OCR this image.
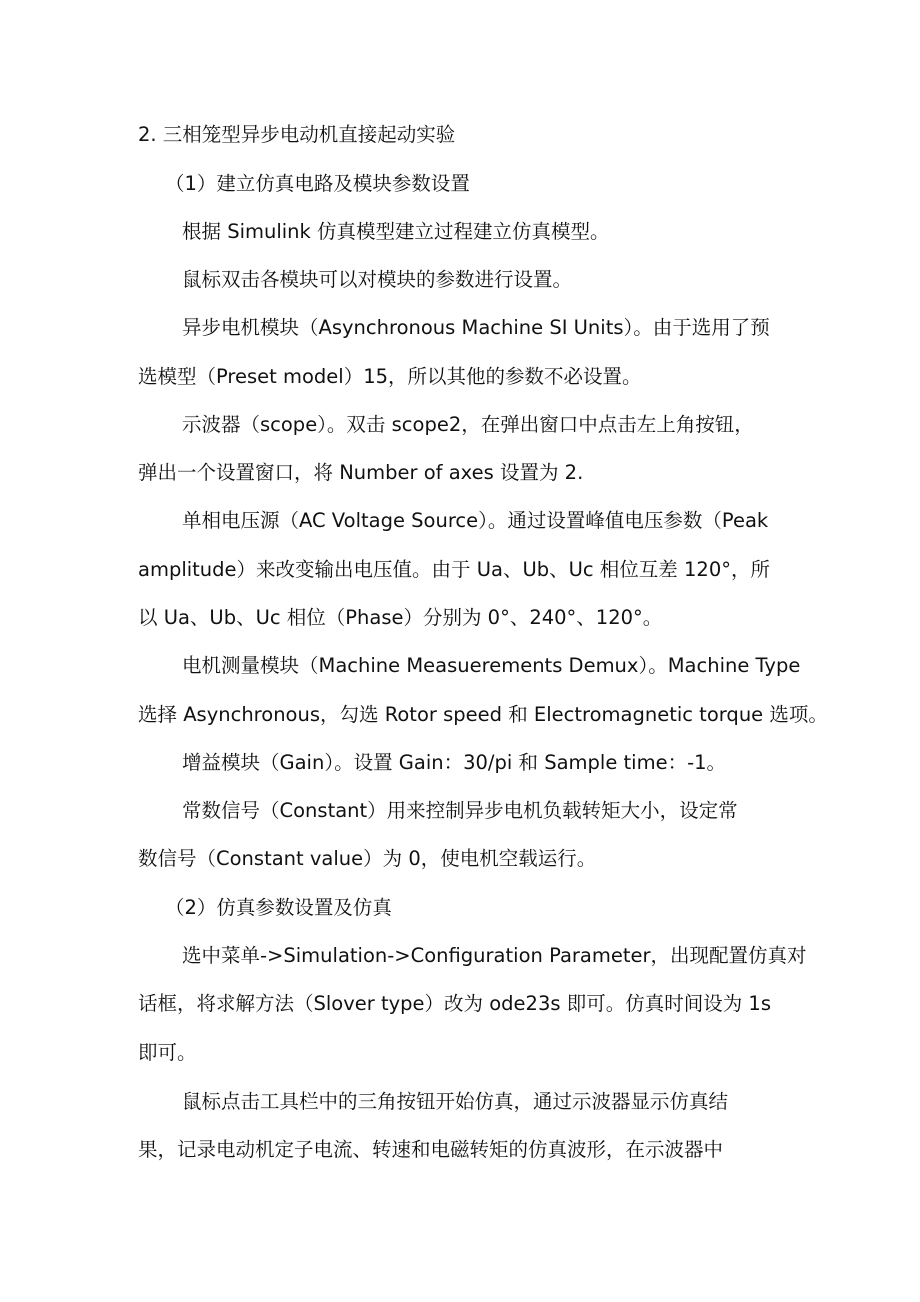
2. 三相笼型异步电动机直接起动实验
（1）建立仿真电路及模块参数设置
根据 Simulink 仿真模型建立过程建立仿真模型。
鼠标双击各模块可以对模块的参数进行设置。
异步电机模块（Asynchronous Machine SI Units）。由于选用了预
选模型（Preset model）15，所以其他的参数不必设置。
示波器（scope）。双击 scope2，在弹出窗口中点击左上角按钮，
弹出一个设置窗口，将 Number of axes 设置为 2.
单相电压源（AC Voltage Source）。通过设置峰值电压参数（Peak
amplitude）来改变输出电压值。由于 Ua、Ub、Uc 相位互差 120°，所
以 Ua、Ub、Uc 相位（Phase）分别为 0°、240°、120°。
电机测量模块（Machine Measuerements Demux）。Machine Type
选择 Asynchronous，勾选 Rotor speed 和 Electromagnetic torque 选项。
增益模块（Gain）。设置 Gain：30/pi 和 Sample time：-1。
常数信号（Constant）用来控制异步电机负载转矩大小，设定常
数信号（Constant value）为 0，使电机空载运行。
（2）仿真参数设置及仿真
选中菜单->Simulation->Configuration Parameter，出现配置仿真对
话框，将求解方法（Slover type）改为 ode23s 即可。仿真时间设为 1s
即可。
鼠标点击工具栏中的三角按钮开始仿真，通过示波器显示仿真结
果，记录电动机定子电流、转速和电磁转矩的仿真波形，在示波器中
